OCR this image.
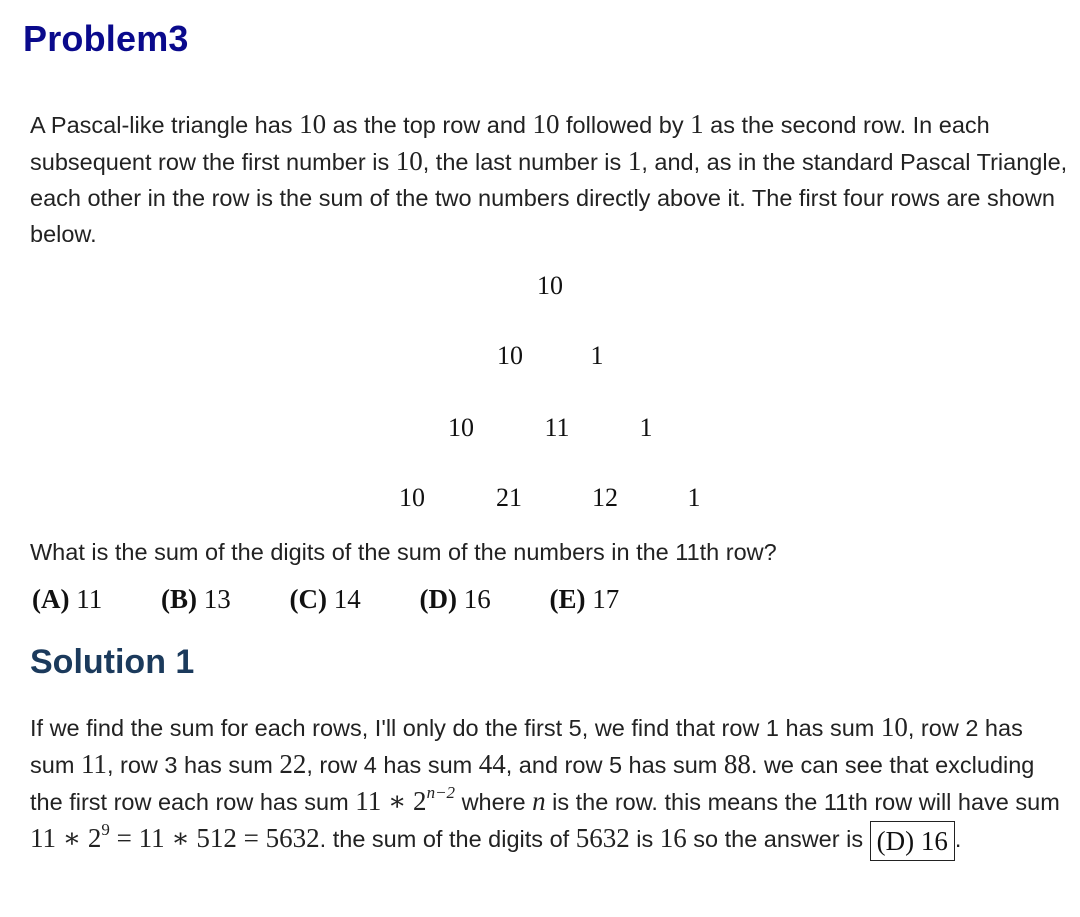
Problem3
A Pascal-like triangle has 10 as the top row and 10 followed by 1 as the second row. In each subsequent row the first number is 10, the last number is 1, and, as in the standard Pascal Triangle, each other in the row is the sum of the two numbers directly above it. The first four rows are shown below.
10
10	1
10	11	1
10	21	12	1
What is the sum of the digits of the sum of the numbers in the 11th row?
(A) 11 (B) 13 (C) 14 (D) 16 (E) 17
Solution 1
If we find the sum for each rows, I'll only do the first 5, we find that row 1 has sum 10, row 2 has sum 11, row 3 has sum 22, row 4 has sum 44, and row 5 has sum 88. we can see that excluding the first row each row has sum 11 ∗ $2^{n-2}$ where n is the row. this means the 11th row will have sum 11 ∗ $2^9 = 11$ ∗ 512 = 5632. the sum of the digits of 5632 is 16 so the answer is (D) 16 .
